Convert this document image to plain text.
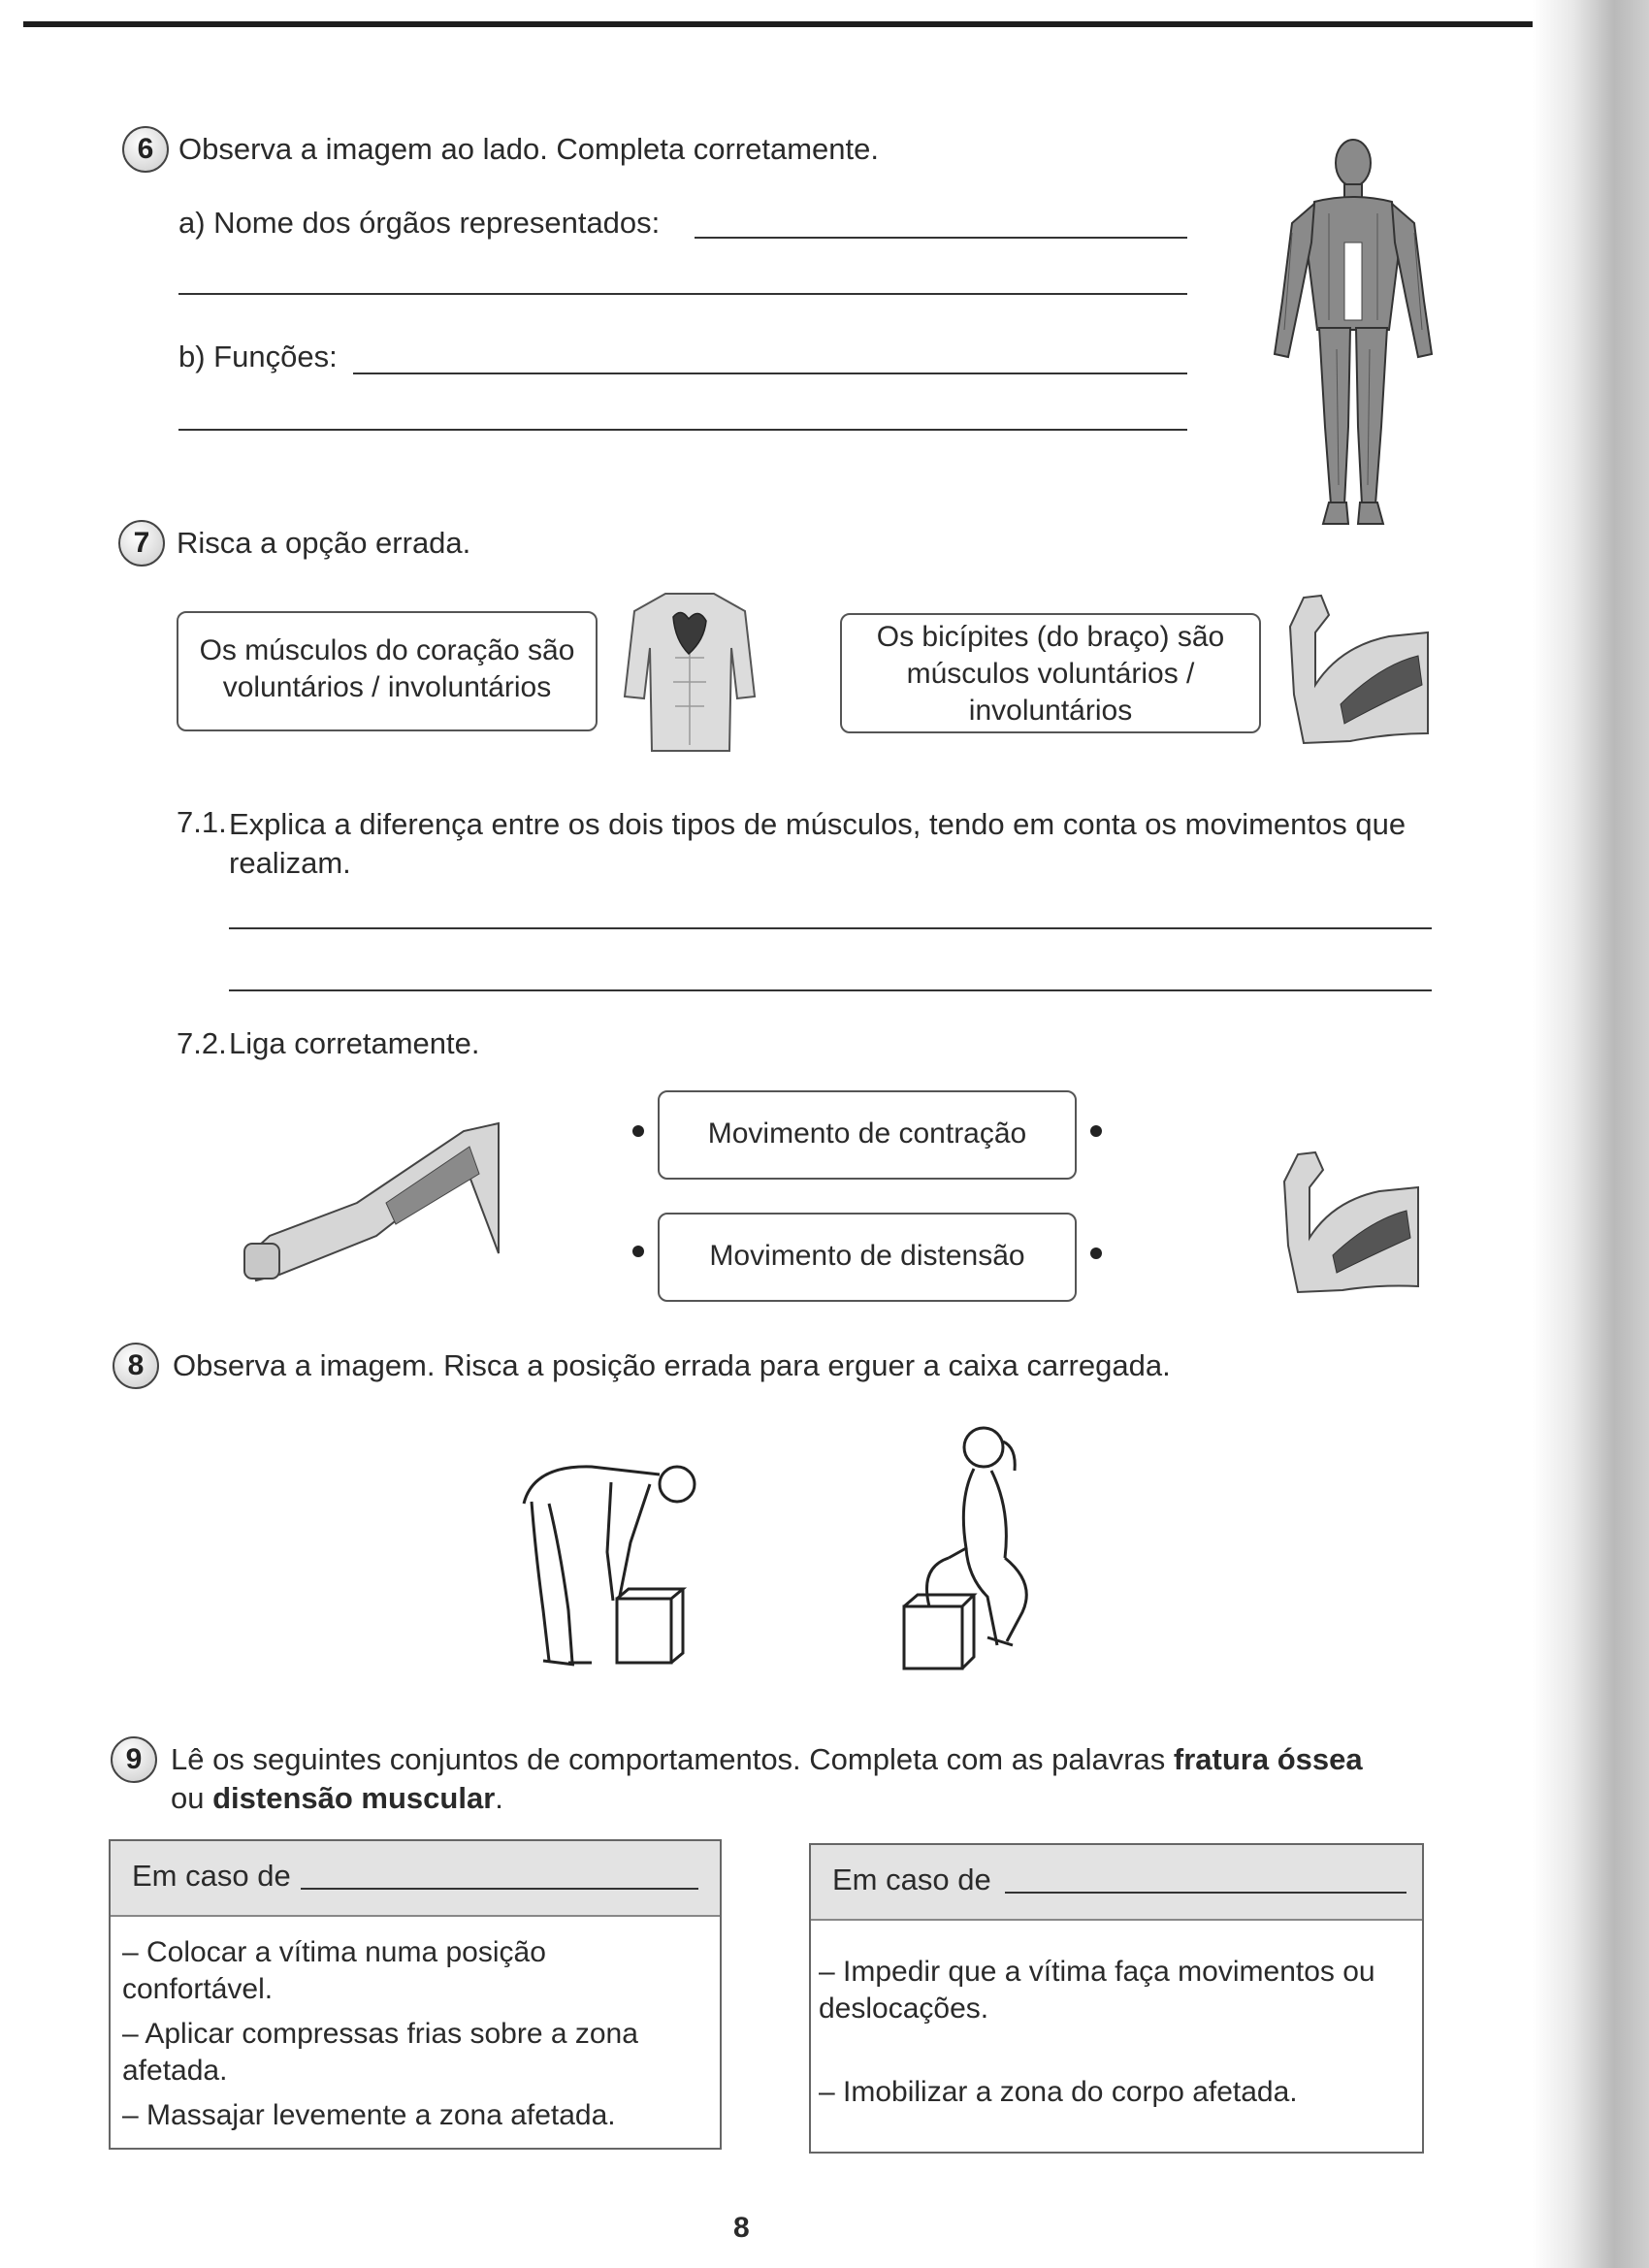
6 Observa a imagem ao lado. Completa corretamente.
a) Nome dos órgãos representados:
b) Funções:
7 Risca a opção errada.
Os músculos do coração são voluntários / involuntários
Os bicípites (do braço) são músculos voluntários / involuntários
7.1. Explica a diferença entre os dois tipos de músculos, tendo em conta os movimentos que realizam.
7.2. Liga corretamente.
Movimento de contração
Movimento de distensão
8 Observa a imagem. Risca a posição errada para erguer a caixa carregada.
9 Lê os seguintes conjuntos de comportamentos. Completa com as palavras fratura óssea
ou distensão muscular.
Em caso de
– Colocar a vítima numa posição confortável.
– Aplicar compressas frias sobre a zona afetada.
– Massajar levemente a zona afetada.
Em caso de
– Impedir que a vítima faça movimentos ou deslocações.
– Imobilizar a zona do corpo afetada.
8
